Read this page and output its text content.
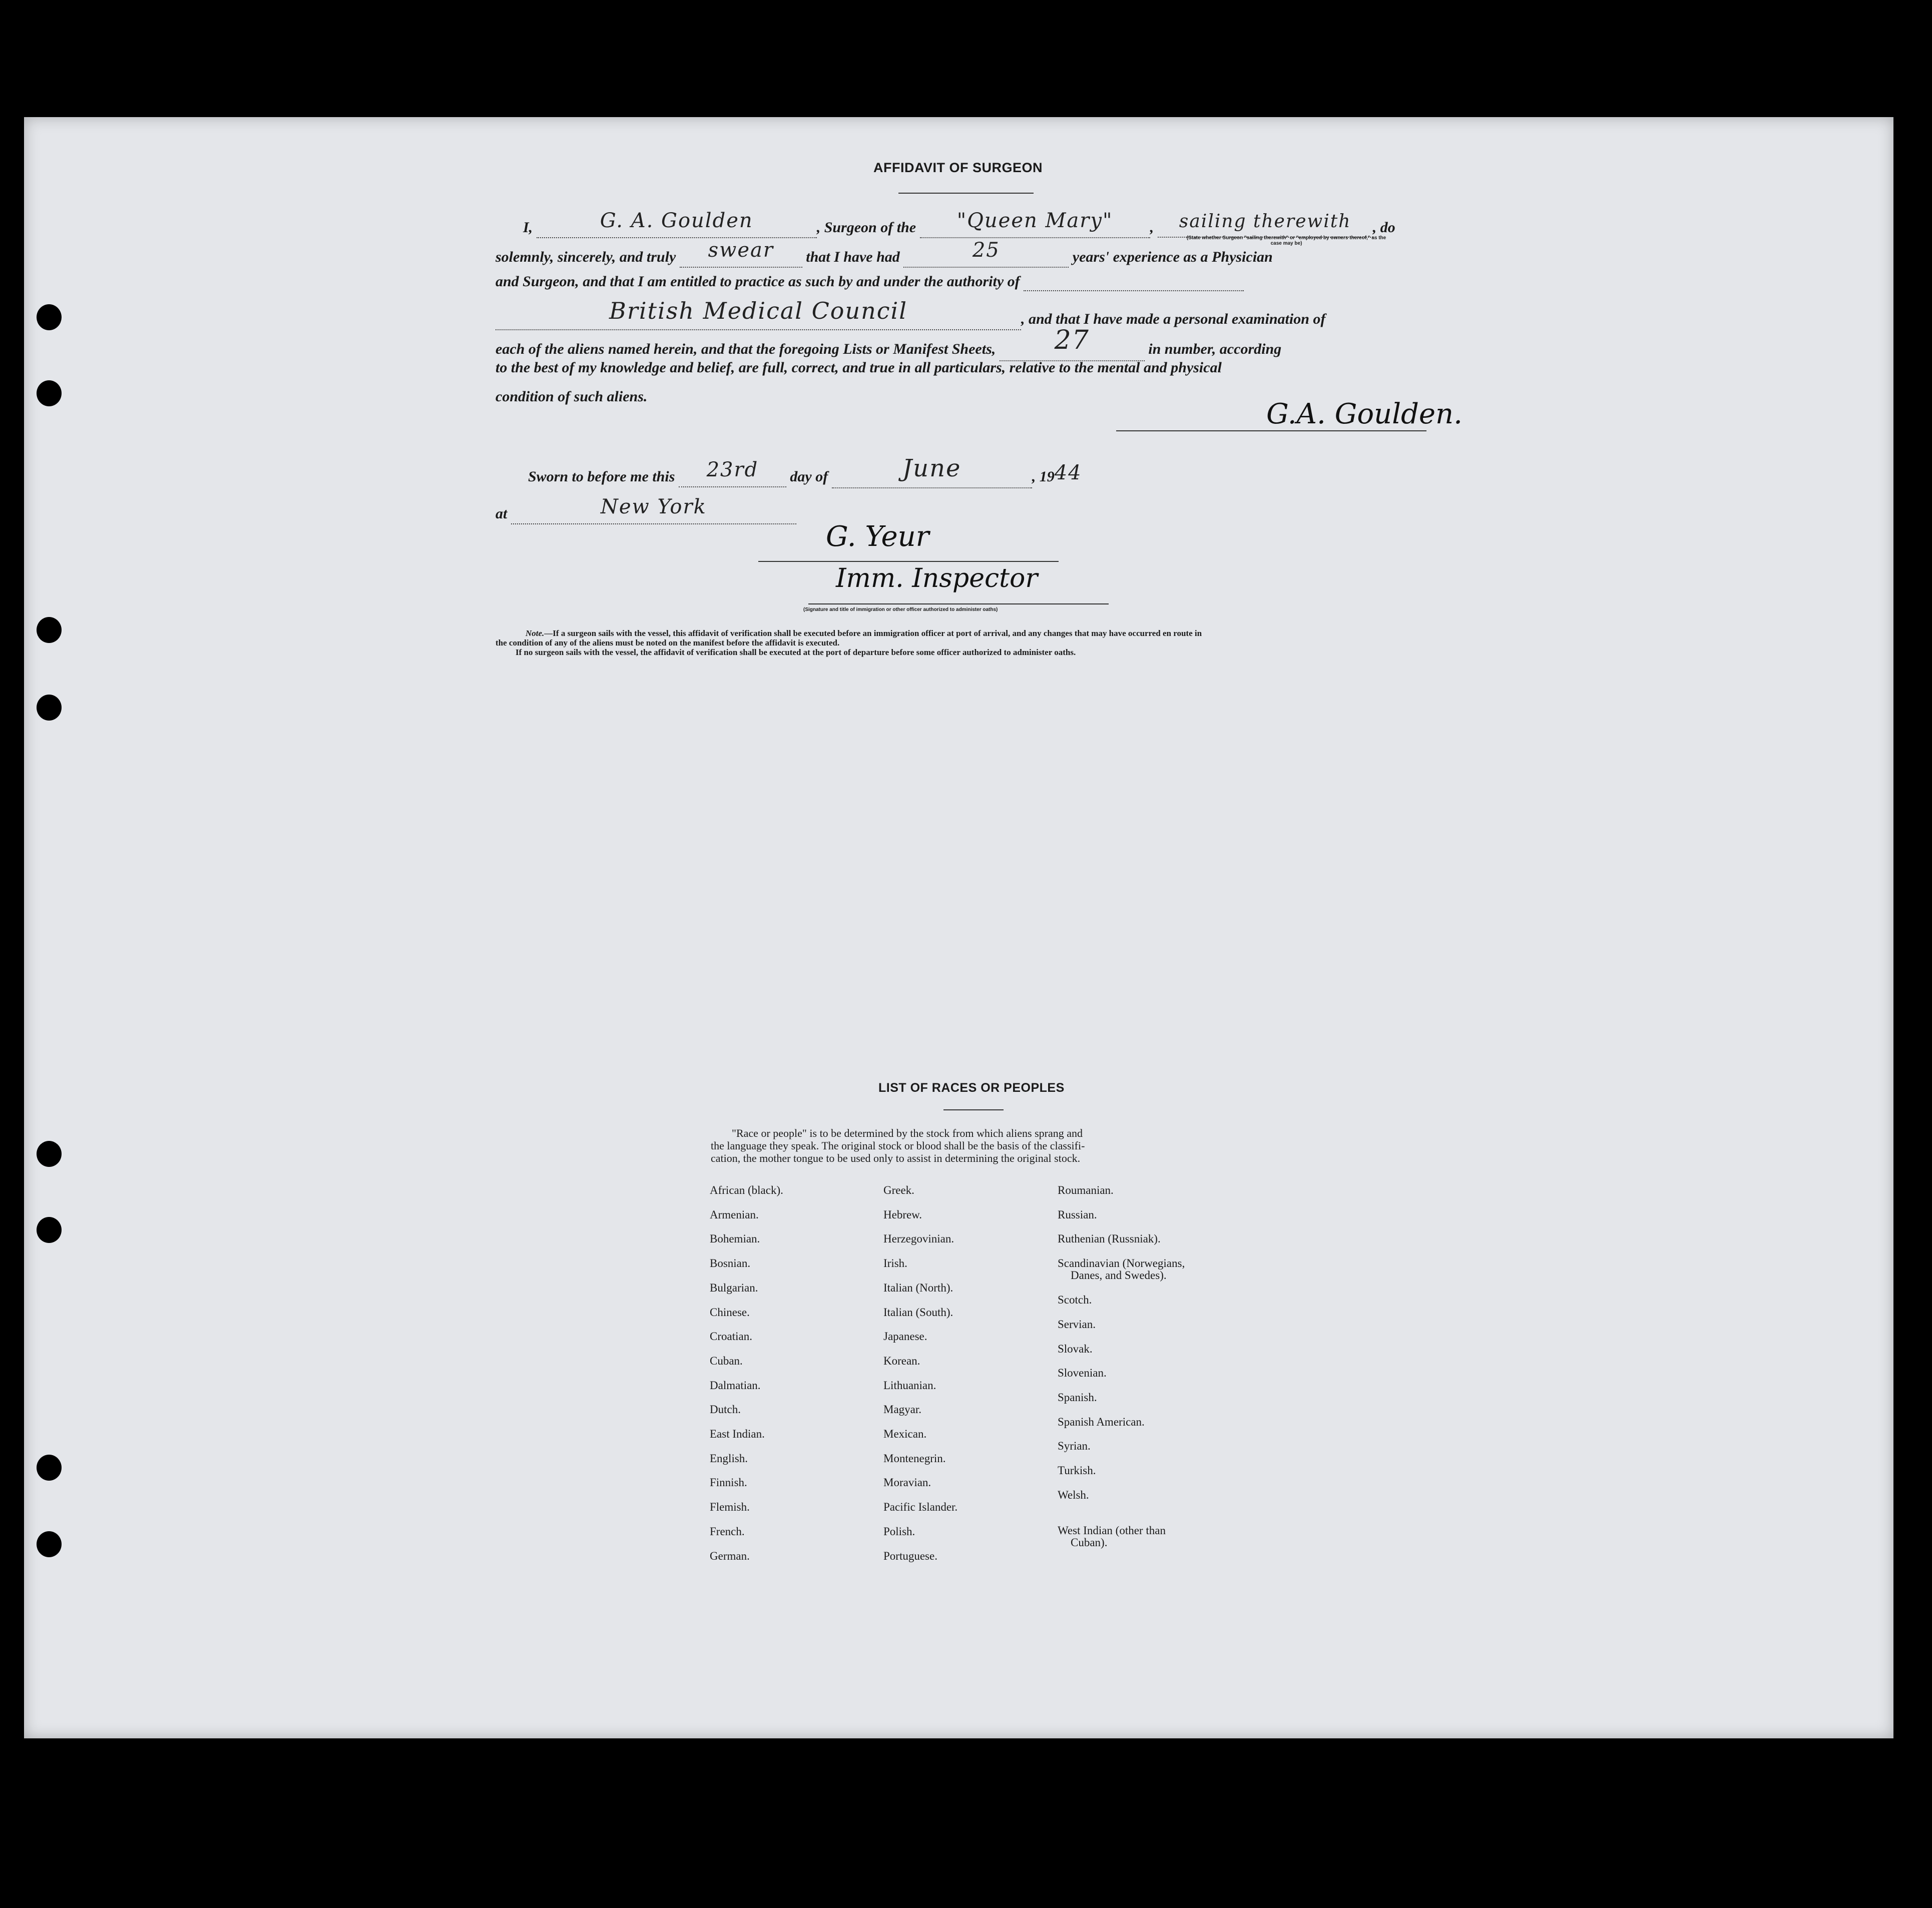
AFFIDAVIT OF SURGEON
I,	G. A. Goulden	, Surgeon of the "Queen Mary" , sailing therewith , do
(State whether Surgeon "sailing therewith" or "employed by owners thereof," as the case may be)
solemnly, sincerely, and truly swear that I have had	25	years' experience as a Physician
and Surgeon, and that I am entitled to practice as such by and under the authority of
British Medical Council	, and that I have made a personal examination of
each of the aliens named herein, and that the foregoing Lists or Manifest Sheets, 27	in number, according
to the best of my knowledge and belief, are full, correct, and true in all particulars, relative to the mental and physical
condition of such aliens.
G.A. Goulden.
Sworn to before me this 23rd day of	June	, 1944
at	New York
G. Yeur
Imm. Inspector
(Signature and title of immigration or other officer authorized to administer oaths)
Note.—If a surgeon sails with the vessel, this affidavit of verification shall be executed before an immigration officer at port of arrival, and any changes that may have occurred en route in
the condition of any of the aliens must be noted on the manifest before the affidavit is executed.
If no surgeon sails with the vessel, the affidavit of verification shall be executed at the port of departure before some officer authorized to administer oaths.
LIST OF RACES OR PEOPLES
"Race or people" is to be determined by the stock from which aliens sprang and
the language they speak. The original stock or blood shall be the basis of the classifi-
cation, the mother tongue to be used only to assist in determining the original stock.
African (black).
Armenian.
Bohemian.
Bosnian.
Bulgarian.
Chinese.
Croatian.
Cuban.
Dalmatian.
Dutch.
East Indian.
English.
Finnish.
Flemish.
French.
German.
Greek.
Hebrew.
Herzegovinian.
Irish.
Italian (North).
Italian (South).
Japanese.
Korean.
Lithuanian.
Magyar.
Mexican.
Montenegrin.
Moravian.
Pacific Islander.
Polish.
Portuguese.
Roumanian.
Russian.
Ruthenian (Russniak).
Scandinavian (Norwegians,
Danes, and Swedes).
Scotch.
Servian.
Slovak.
Slovenian.
Spanish.
Spanish American.
Syrian.
Turkish.
Welsh.
West Indian (other than
Cuban).
